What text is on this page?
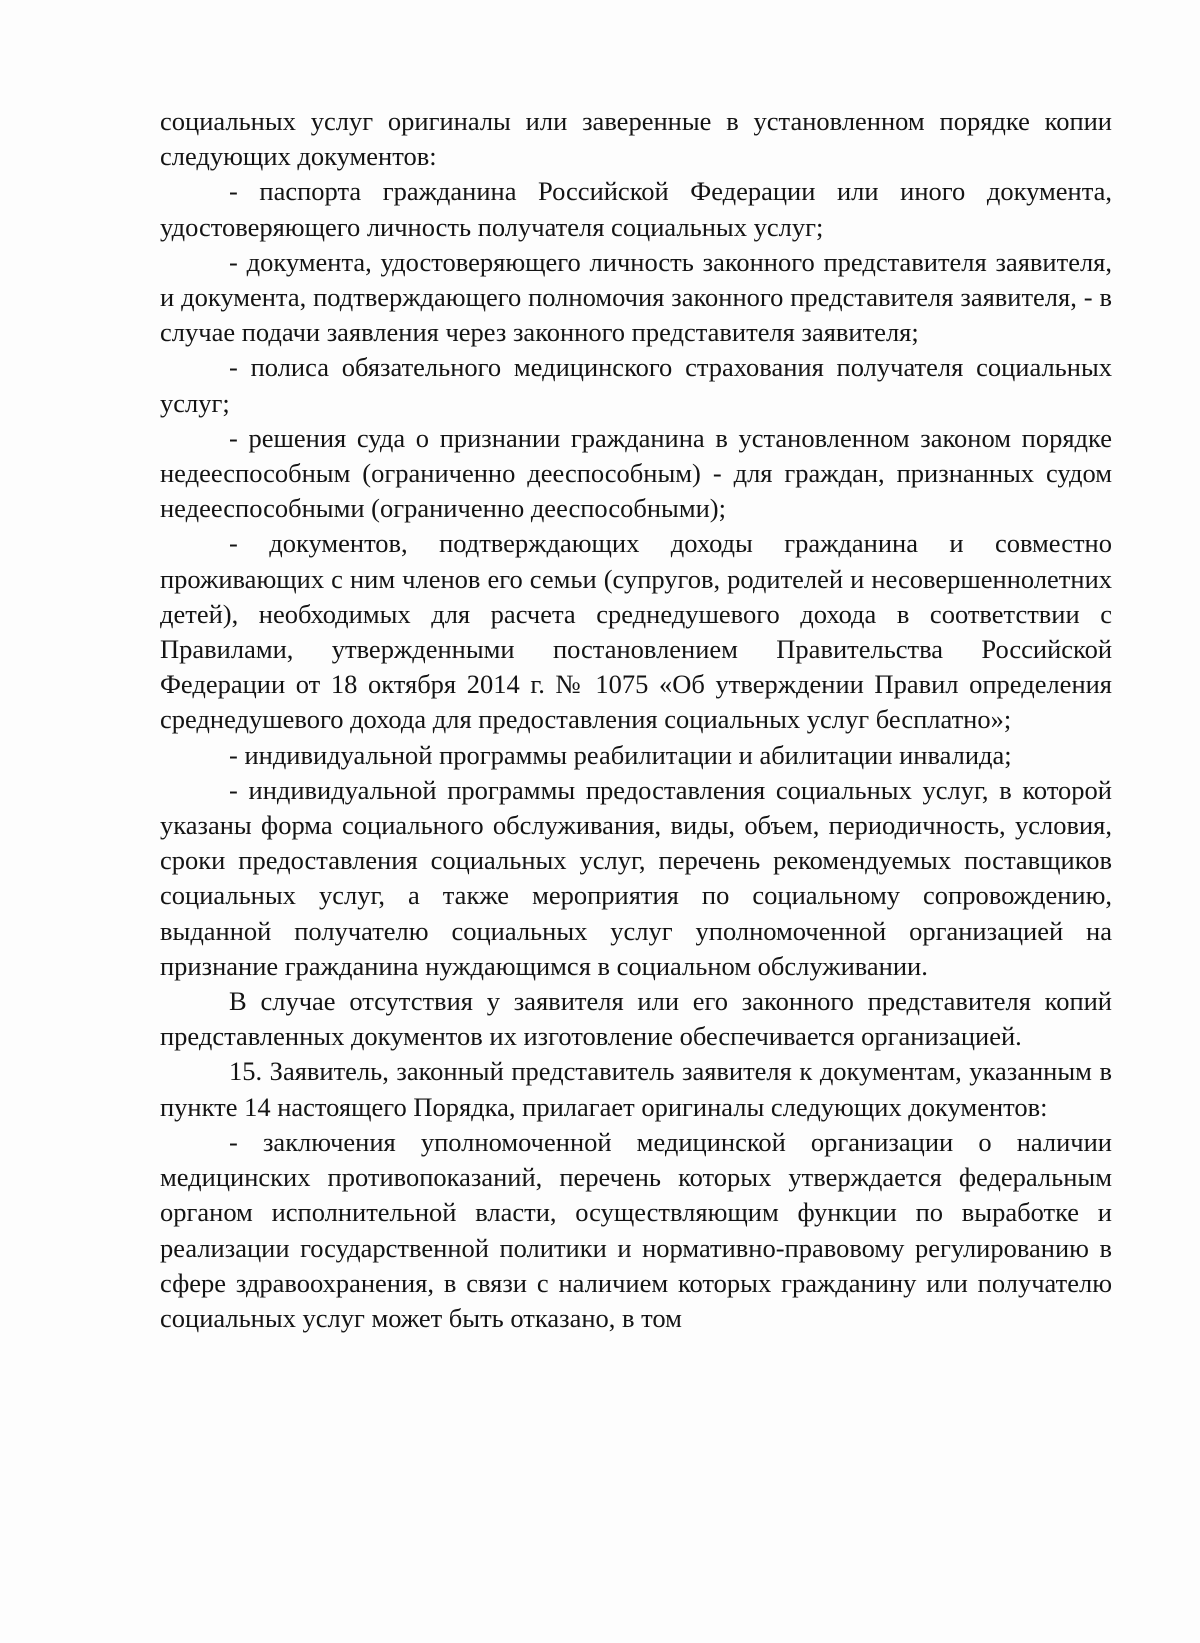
социальных услуг оригиналы или заверенные в установленном порядке копии следующих документов:

- паспорта гражданина Российской Федерации или иного документа, удостоверяющего личность получателя социальных услуг;

- документа, удостоверяющего личность законного представителя заявителя, и документа, подтверждающего полномочия законного представителя заявителя, - в случае подачи заявления через законного представителя заявителя;

- полиса обязательного медицинского страхования получателя социальных услуг;

- решения суда о признании гражданина в установленном законом порядке недееспособным (ограниченно дееспособным) - для граждан, признанных судом недееспособными (ограниченно дееспособными);

- документов, подтверждающих доходы гражданина и совместно проживающих с ним членов его семьи (супругов, родителей и несовершеннолетних детей), необходимых для расчета среднедушевого дохода в соответствии с Правилами, утвержденными постановлением Правительства Российской Федерации от 18 октября 2014 г. № 1075 «Об утверждении Правил определения среднедушевого дохода для предоставления социальных услуг бесплатно»;

- индивидуальной программы реабилитации и абилитации инвалида;

- индивидуальной программы предоставления социальных услуг, в которой указаны форма социального обслуживания, виды, объем, периодичность, условия, сроки предоставления социальных услуг, перечень рекомендуемых поставщиков социальных услуг, а также мероприятия по социальному сопровождению, выданной получателю социальных услуг уполномоченной организацией на признание гражданина нуждающимся в социальном обслуживании.

В случае отсутствия у заявителя или его законного представителя копий представленных документов их изготовление обеспечивается организацией.

15. Заявитель, законный представитель заявителя к документам, указанным в пункте 14 настоящего Порядка, прилагает оригиналы следующих документов:

- заключения уполномоченной медицинской организации о наличии медицинских противопоказаний, перечень которых утверждается федеральным органом исполнительной власти, осуществляющим функции по выработке и реализации государственной политики и нормативно-правовому регулированию в сфере здравоохранения, в связи с наличием которых гражданину или получателю социальных услуг может быть отказано, в том
